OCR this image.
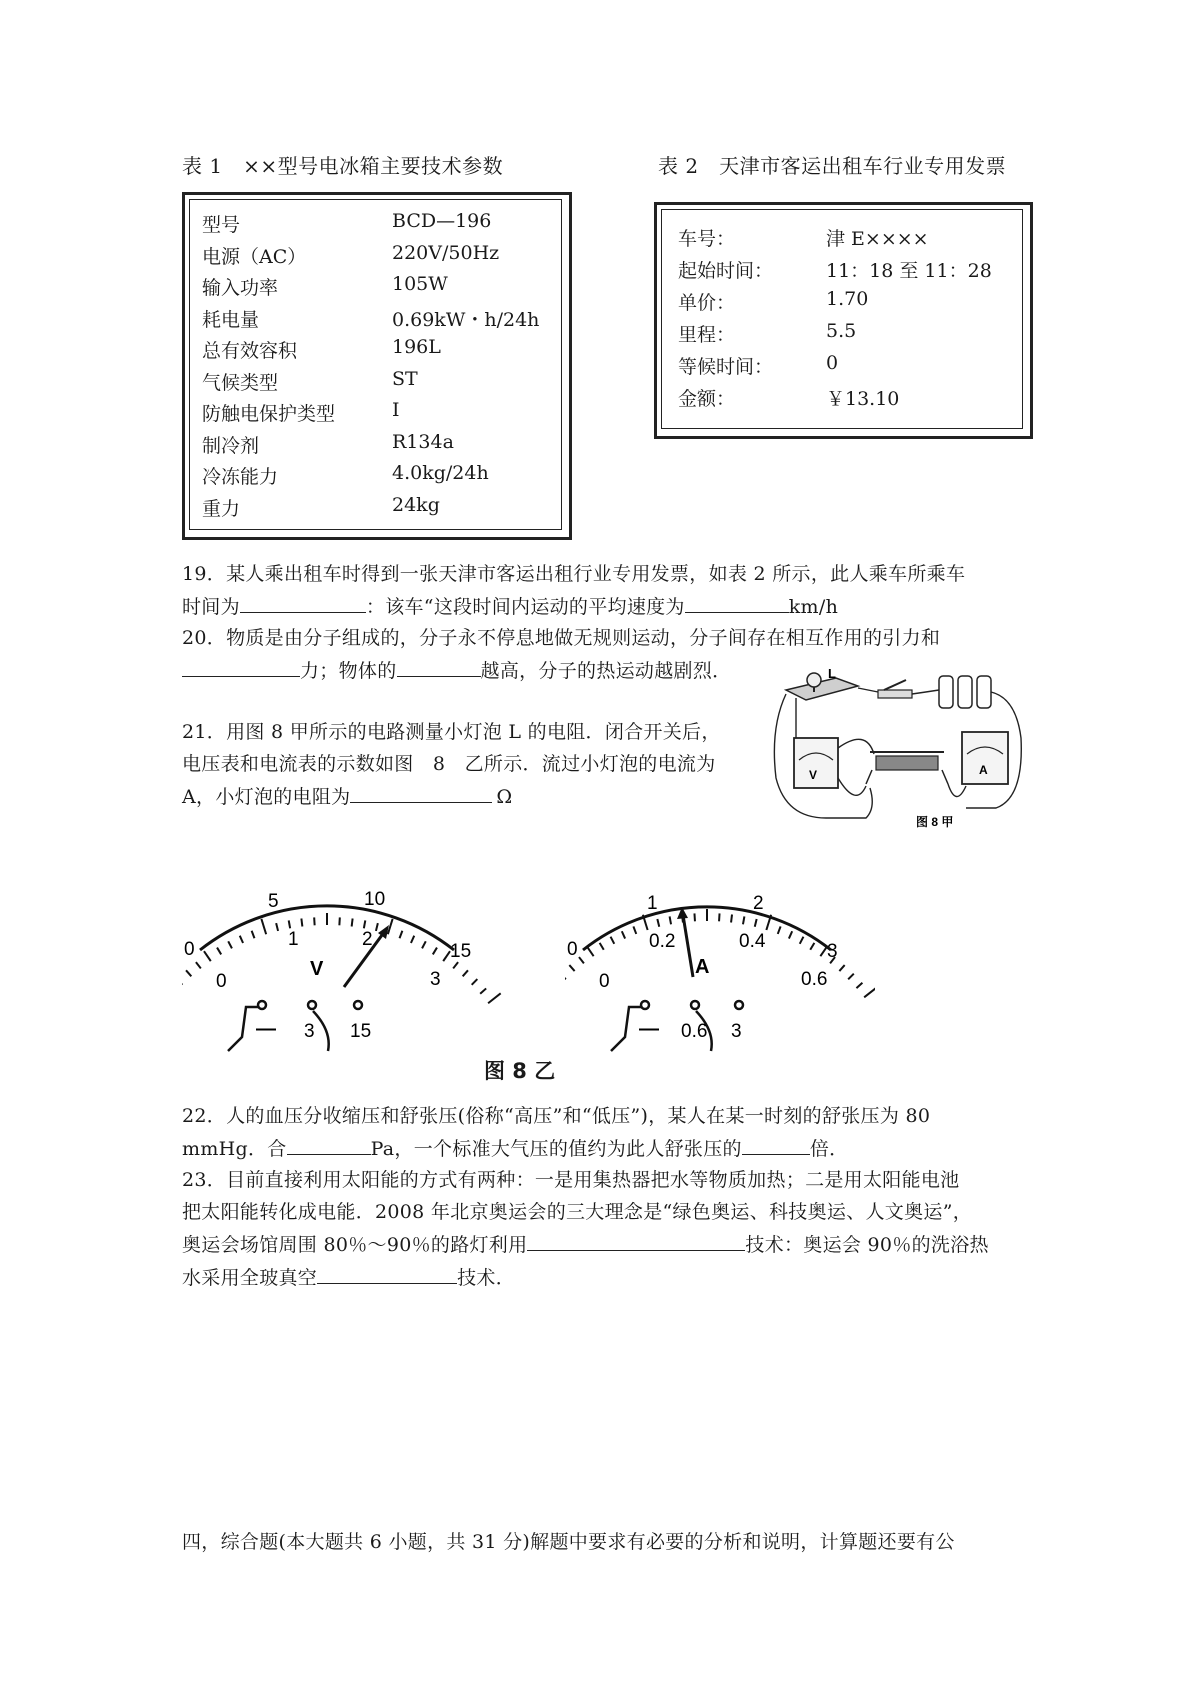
表 1　××型号电冰箱主要技术参数	表 2　天津市客运出租车行业专用发票
型号	BCD—196
电源（AC）	220V/50Hz
输入功率	105W
耗电量	0.69kW・h/24h
总有效容积	196L
气候类型	ST
防触电保护类型	I
制冷剂	R134a
冷冻能力	4.0kg/24h
重力	24kg
车号：	津 E××××
起始时间：	11：18 至 11：28
单价：	1.70
里程：	5.5
等候时间：	0
金额：	￥13.10
19．某人乘出租车时得到一张天津市客运出租行业专用发票，如表 2 所示，此人乘车所乘车
时间为	：该车“这段时间内运动的平均速度为	km/h
20．物质是由分子组成的，分子永不停息地做无规则运动，分子间存在相互作用的引力和
力；物体的	越高，分子的热运动越剧烈．
21．用图 8 甲所示的电路测量小灯泡 L 的电阻．闭合开关后，
电压表和电流表的示数如图　8　乙所示．流过小灯泡的电流为
A，小灯泡的电阻为	Ω
L
V	A
图 8 甲
0
5	10
15
0
1	2
3
V
— 3 15
0
1	2
3
0
0.2	0.4
0.6
A
— 0.6 3
图 8 乙
22．人的血压分收缩压和舒张压(俗称“高压”和“低压”)，某人在某一时刻的舒张压为 80
mmHg．合	Pa，一个标准大气压的值约为此人舒张压的	倍．
23．目前直接利用太阳能的方式有两种：一是用集热器把水等物质加热；二是用太阳能电池
把太阳能转化成电能．2008 年北京奥运会的三大理念是“绿色奥运、科技奥运、人文奥运”，
奥运会场馆周围 80％～90％的路灯利用	技术：奥运会 90％的洗浴热
水采用全玻真空	技术．
四，综合题(本大题共 6 小题，共 31 分)解题中要求有必要的分析和说明，计算题还要有公
